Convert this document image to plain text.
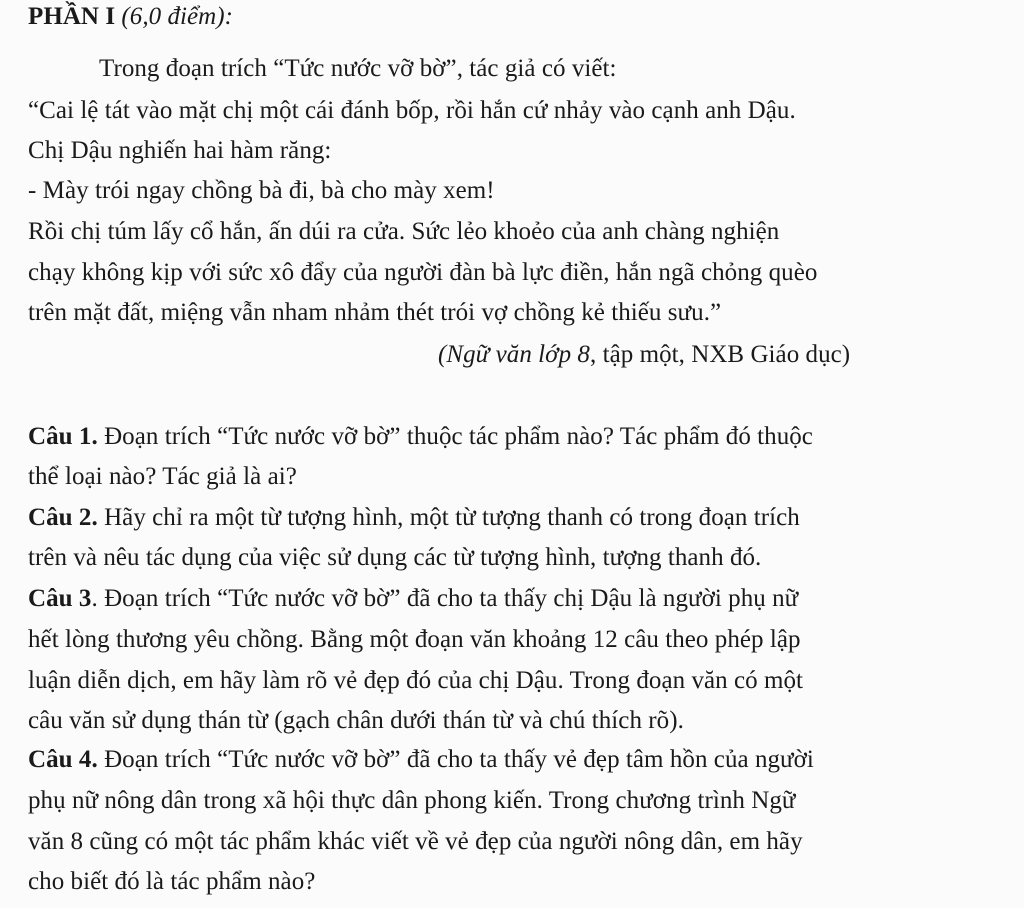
PHẦN I (6,0 điểm):
Trong đoạn trích “Tức nước vỡ bờ”, tác giả có viết:
“Cai lệ tát vào mặt chị một cái đánh bốp, rồi hắn cứ nhảy vào cạnh anh Dậu.
Chị Dậu nghiến hai hàm răng:
- Mày trói ngay chồng bà đi, bà cho mày xem!
Rồi chị túm lấy cổ hắn, ấn dúi ra cửa. Sức lẻo khoẻo của anh chàng nghiện
chạy không kịp với sức xô đẩy của người đàn bà lực điền, hắn ngã chỏng quèo
trên mặt đất, miệng vẫn nham nhảm thét trói vợ chồng kẻ thiếu sưu.”
(Ngữ văn lớp 8, tập một, NXB Giáo dục)
Câu 1. Đoạn trích “Tức nước vỡ bờ” thuộc tác phẩm nào? Tác phẩm đó thuộc
thể loại nào? Tác giả là ai?
Câu 2. Hãy chỉ ra một từ tượng hình, một từ tượng thanh có trong đoạn trích
trên và nêu tác dụng của việc sử dụng các từ tượng hình, tượng thanh đó.
Câu 3. Đoạn trích “Tức nước vỡ bờ” đã cho ta thấy chị Dậu là người phụ nữ
hết lòng thương yêu chồng. Bằng một đoạn văn khoảng 12 câu theo phép lập
luận diễn dịch, em hãy làm rõ vẻ đẹp đó của chị Dậu. Trong đoạn văn có một
câu văn sử dụng thán từ (gạch chân dưới thán từ và chú thích rõ).
Câu 4. Đoạn trích “Tức nước vỡ bờ” đã cho ta thấy vẻ đẹp tâm hồn của người
phụ nữ nông dân trong xã hội thực dân phong kiến. Trong chương trình Ngữ
văn 8 cũng có một tác phẩm khác viết về vẻ đẹp của người nông dân, em hãy
cho biết đó là tác phẩm nào?
